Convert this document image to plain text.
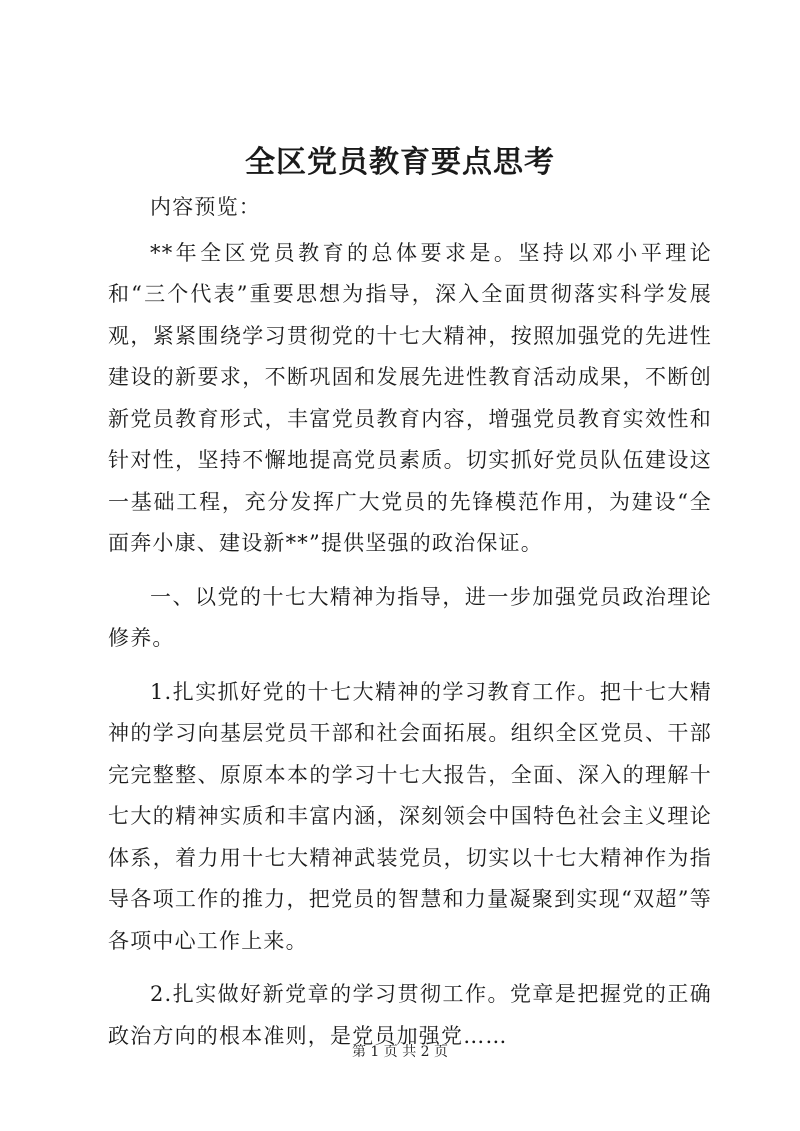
全区党员教育要点思考

内容预览：

**年全区党员教育的总体要求是。坚持以邓小平理论和“三个代表”重要思想为指导，深入全面贯彻落实科学发展观，紧紧围绕学习贯彻党的十七大精神，按照加强党的先进性建设的新要求，不断巩固和发展先进性教育活动成果，不断创新党员教育形式，丰富党员教育内容，增强党员教育实效性和针对性，坚持不懈地提高党员素质。切实抓好党员队伍建设这一基础工程，充分发挥广大党员的先锋模范作用，为建设“全面奔小康、建设新**”提供坚强的政治保证。

一、以党的十七大精神为指导，进一步加强党员政治理论修养。

1.扎实抓好党的十七大精神的学习教育工作。把十七大精神的学习向基层党员干部和社会面拓展。组织全区党员、干部完完整整、原原本本的学习十七大报告，全面、深入的理解十七大的精神实质和丰富内涵，深刻领会中国特色社会主义理论体系，着力用十七大精神武装党员，切实以十七大精神作为指导各项工作的推力，把党员的智慧和力量凝聚到实现“双超”等各项中心工作上来。

2.扎实做好新党章的学习贯彻工作。党章是把握党的正确政治方向的根本准则，是党员加强党……

第 1 页 共 2 页
